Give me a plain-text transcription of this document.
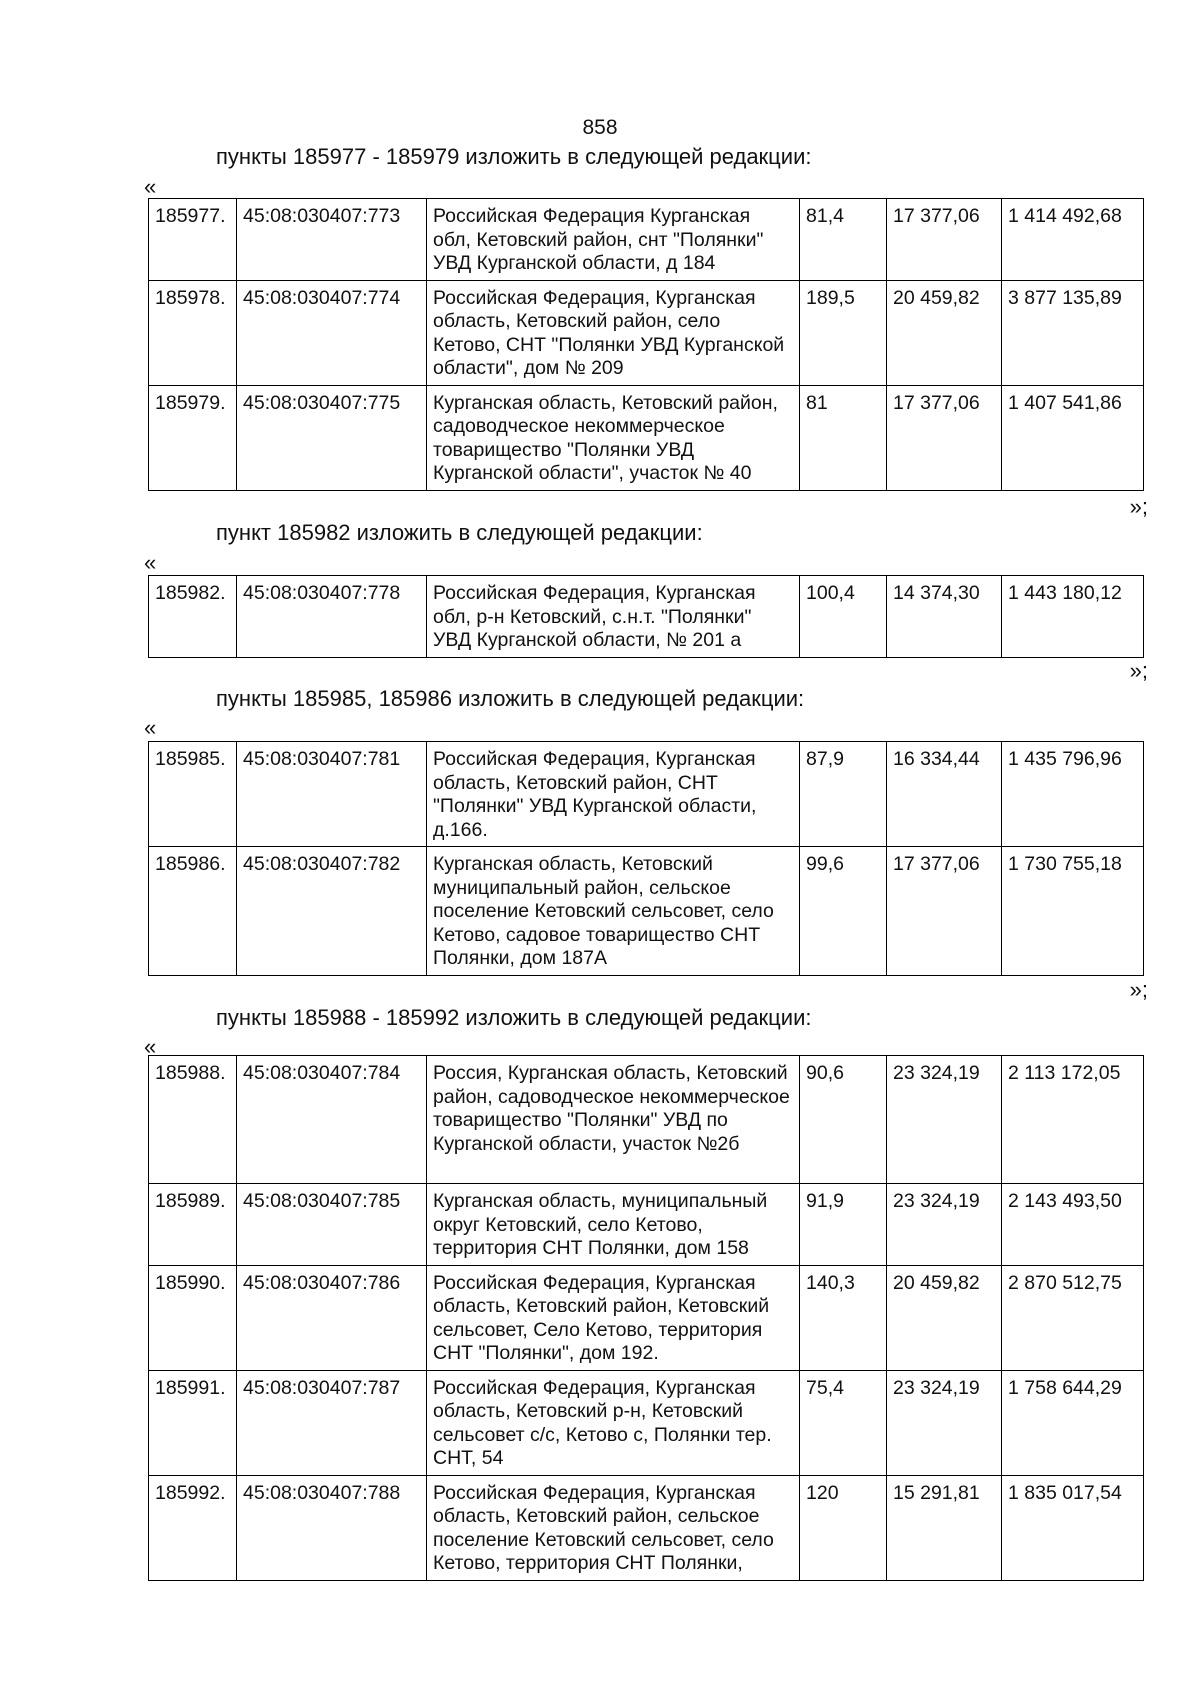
858
пункты 185977 - 185979 изложить в следующей редакции:
«
185977.	45:08:030407:773	Российская Федерация Курганская обл, Кетовский район, снт "Полянки" УВД Курганской области, д 184	81,4	17 377,06	1 414 492,68
185978.	45:08:030407:774	Российская Федерация, Курганская область, Кетовский район, село Кетово, СНТ "Полянки УВД Курганской области", дом № 209	189,5	20 459,82	3 877 135,89
185979.	45:08:030407:775	Курганская область, Кетовский район, садоводческое некоммерческое товарищество "Полянки УВД Курганской области", участок № 40	81	17 377,06	1 407 541,86
»;
пункт 185982 изложить в следующей редакции:
«
185982.	45:08:030407:778	Российская Федерация, Курганская обл, р-н Кетовский, с.н.т. "Полянки" УВД Курганской области, № 201 а	100,4	14 374,30	1 443 180,12
»;
пункты 185985, 185986 изложить в следующей редакции:
«
185985.	45:08:030407:781	Российская Федерация, Курганская область, Кетовский район, СНТ "Полянки" УВД Курганской области, д.166.	87,9	16 334,44	1 435 796,96
185986.	45:08:030407:782	Курганская область, Кетовский муниципальный район, сельское поселение Кетовский сельсовет, село Кетово, садовое товарищество СНТ Полянки, дом 187А	99,6	17 377,06	1 730 755,18
»;
пункты 185988 - 185992 изложить в следующей редакции:
«
185988.	45:08:030407:784	Россия, Курганская область, Кетовский район, садоводческое некоммерческое товарищество "Полянки" УВД по Курганской области, участок №2б	90,6	23 324,19	2 113 172,05
185989.	45:08:030407:785	Курганская область, муниципальный округ Кетовский, село Кетово, территория СНТ Полянки, дом 158	91,9	23 324,19	2 143 493,50
185990.	45:08:030407:786	Российская Федерация, Курганская область, Кетовский район, Кетовский сельсовет, Село Кетово, территория СНТ "Полянки", дом 192.	140,3	20 459,82	2 870 512,75
185991.	45:08:030407:787	Российская Федерация, Курганская область, Кетовский р-н, Кетовский сельсовет с/с, Кетово с, Полянки тер. СНТ, 54	75,4	23 324,19	1 758 644,29
185992.	45:08:030407:788	Российская Федерация, Курганская область, Кетовский район, сельское поселение Кетовский сельсовет, село Кетово, территория СНТ Полянки,	120	15 291,81	1 835 017,54
